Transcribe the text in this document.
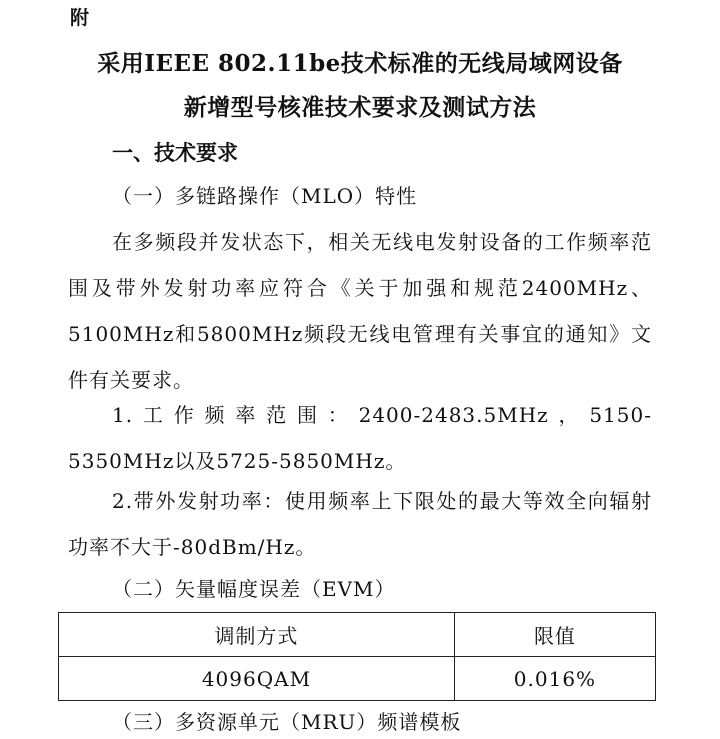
附
采用IEEE 802.11be技术标准的无线局域网设备
新增型号核准技术要求及测试方法
一、技术要求
（一）多链路操作（MLO）特性

在多频段并发状态下，相关无线电发射设备的工作频率范围及带外发射功率应符合《关于加强和规范2400MHz、5100MHz和5800MHz频段无线电管理有关事宜的通知》文件有关要求。

1.工作频率范围：2400-2483.5MHz，5150-5350MHz以及5725-5850MHz。

2.带外发射功率：使用频率上下限处的最大等效全向辐射功率不大于-80dBm/Hz。

（二）矢量幅度误差（EVM）
调制方式	限值
4096QAM	0.016%
（三）多资源单元（MRU）频谱模板
